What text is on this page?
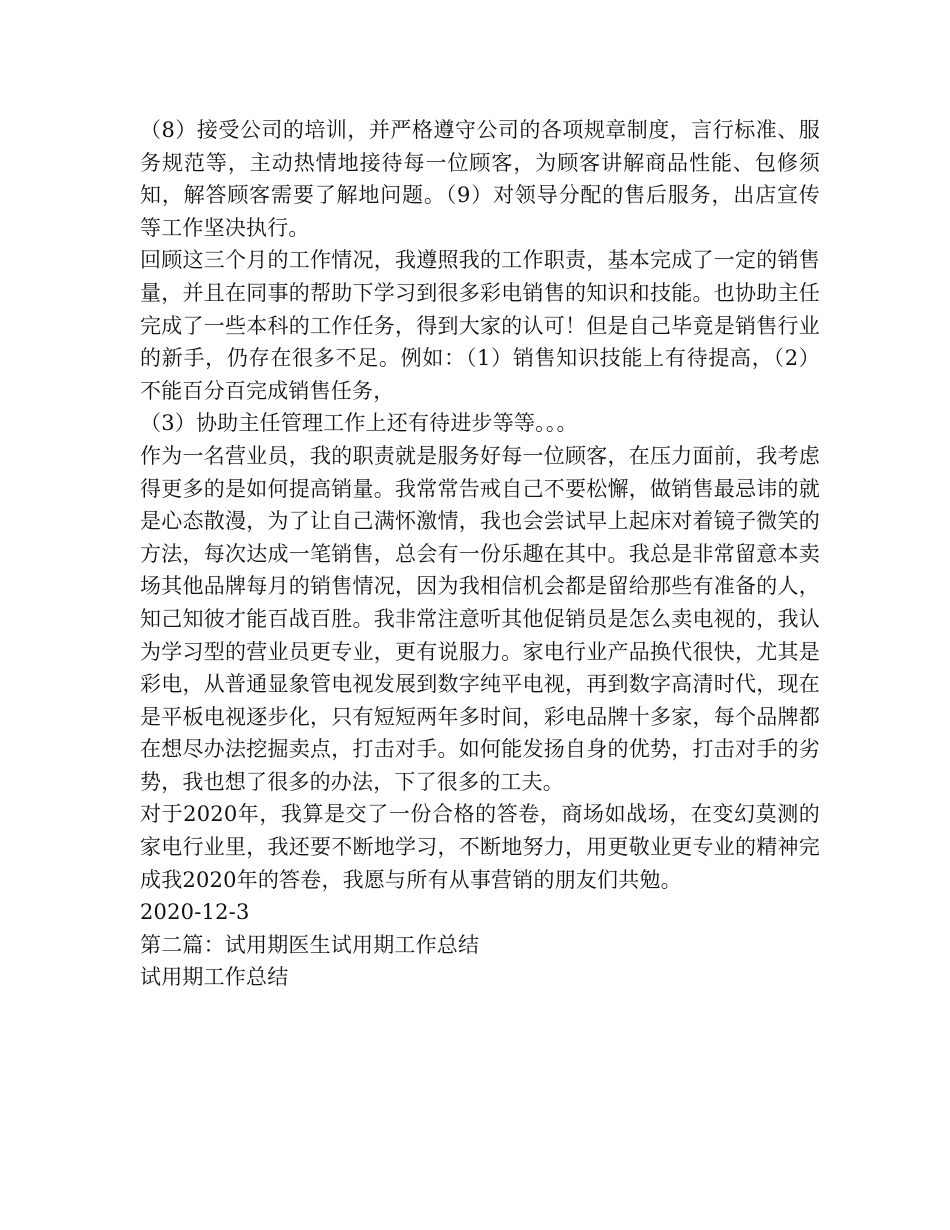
（8）接受公司的培训，并严格遵守公司的各项规章制度，言行标准、服务规范等，主动热情地接待每一位顾客，为顾客讲解商品性能、包修须知，解答顾客需要了解地问题。（9）对领导分配的售后服务，出店宣传等工作坚决执行。

回顾这三个月的工作情况，我遵照我的工作职责，基本完成了一定的销售量，并且在同事的帮助下学习到很多彩电销售的知识和技能。也协助主任完成了一些本科的工作任务，得到大家的认可！但是自己毕竟是销售行业的新手，仍存在很多不足。例如：（1）销售知识技能上有待提高，（2）不能百分百完成销售任务，

（3）协助主任管理工作上还有待进步等等。。。

作为一名营业员，我的职责就是服务好每一位顾客，在压力面前，我考虑得更多的是如何提高销量。我常常告戒自己不要松懈，做销售最忌讳的就是心态散漫，为了让自己满怀激情，我也会尝试早上起床对着镜子微笑的方法，每次达成一笔销售，总会有一份乐趣在其中。我总是非常留意本卖场其他品牌每月的销售情况，因为我相信机会都是留给那些有准备的人，知己知彼才能百战百胜。我非常注意听其他促销员是怎么卖电视的，我认为学习型的营业员更专业，更有说服力。家电行业产品换代很快，尤其是彩电，从普通显象管电视发展到数字纯平电视，再到数字高清时代，现在是平板电视逐步化，只有短短两年多时间，彩电品牌十多家，每个品牌都在想尽办法挖掘卖点，打击对手。如何能发扬自身的优势，打击对手的劣势，我也想了很多的办法，下了很多的工夫。

对于2020年，我算是交了一份合格的答卷，商场如战场，在变幻莫测的家电行业里，我还要不断地学习，不断地努力，用更敬业更专业的精神完成我2020年的答卷，我愿与所有从事营销的朋友们共勉。

2020-12-3

第二篇：试用期医生试用期工作总结

试用期工作总结
